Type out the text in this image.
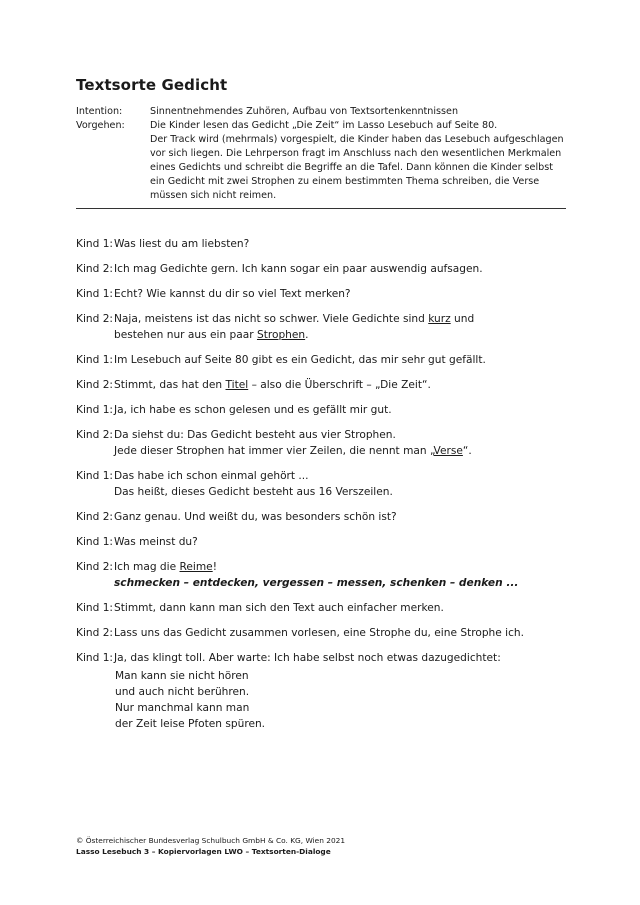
Textsorte Gedicht
Intention:	Sinnentnehmendes Zuhören, Aufbau von Textsortenkenntnissen
Vorgehen:	Die Kinder lesen das Gedicht „Die Zeit“ im Lasso Lesebuch auf Seite 80.
Der Track wird (mehrmals) vorgespielt, die Kinder haben das Lesebuch aufgeschlagen
vor sich liegen. Die Lehrperson fragt im Anschluss nach den wesentlichen Merkmalen
eines Gedichts und schreibt die Begriffe an die Tafel. Dann können die Kinder selbst
ein Gedicht mit zwei Strophen zu einem bestimmten Thema schreiben, die Verse
müssen sich nicht reimen.
Kind 1: Was liest du am liebsten?
Kind 2: Ich mag Gedichte gern. Ich kann sogar ein paar auswendig aufsagen.
Kind 1: Echt? Wie kannst du dir so viel Text merken?
Kind 2: Naja, meistens ist das nicht so schwer. Viele Gedichte sind kurz und
bestehen nur aus ein paar Strophen.
Kind 1: Im Lesebuch auf Seite 80 gibt es ein Gedicht, das mir sehr gut gefällt.
Kind 2: Stimmt, das hat den Titel – also die Überschrift – „Die Zeit“.
Kind 1: Ja, ich habe es schon gelesen und es gefällt mir gut.
Kind 2: Da siehst du: Das Gedicht besteht aus vier Strophen.
Jede dieser Strophen hat immer vier Zeilen, die nennt man „Verse“.
Kind 1: Das habe ich schon einmal gehört ...
Das heißt, dieses Gedicht besteht aus 16 Verszeilen.
Kind 2: Ganz genau. Und weißt du, was besonders schön ist?
Kind 1: Was meinst du?
Kind 2: Ich mag die Reime!
schmecken – entdecken, vergessen – messen, schenken – denken ...
Kind 1: Stimmt, dann kann man sich den Text auch einfacher merken.
Kind 2: Lass uns das Gedicht zusammen vorlesen, eine Strophe du, eine Strophe ich.
Kind 1: Ja, das klingt toll. Aber warte: Ich habe selbst noch etwas dazugedichtet:
Man kann sie nicht hören
und auch nicht berühren.
Nur manchmal kann man
der Zeit leise Pfoten spüren.
© Österreichischer Bundesverlag Schulbuch GmbH & Co. KG, Wien 2021
Lasso Lesebuch 3 – Kopiervorlagen LWO – Textsorten-Dialoge
